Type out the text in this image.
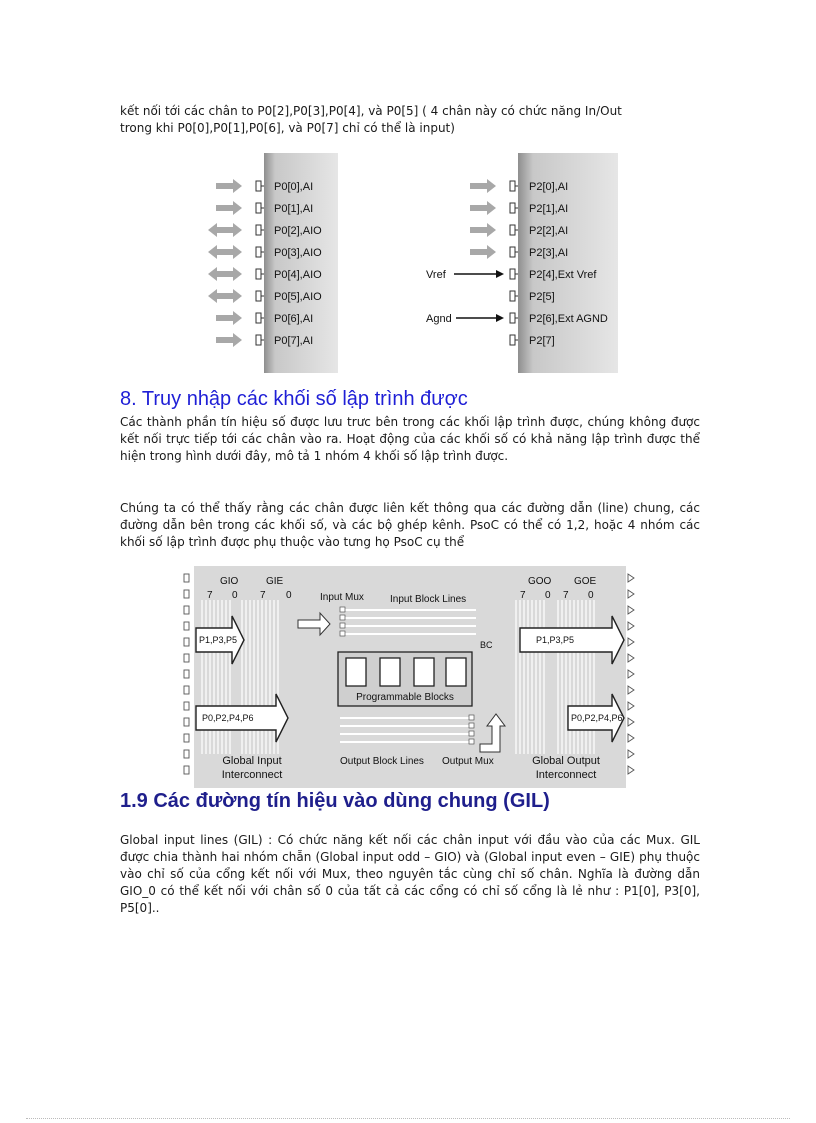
kết nối tới các chân to P0[2],P0[3],P0[4], và P0[5] ( 4 chân này có chức năng In/Out
trong khi P0[0],P0[1],P0[6], và P0[7] chỉ có thể là input)
P0[0],AI
P0[1],AI
P0[2],AIO
P0[3],AIO
P0[4],AIO
P0[5],AIO
P0[6],AI
P0[7],AI
P2[0],AI
P2[1],AI
P2[2],AI
P2[3],AI
Vref	P2[4],Ext Vref
P2[5]
Agnd	P2[6],Ext AGND
P2[7]
8. Truy nhập các khối số lập trình được
Các thành phần tín hiệu số được lưu trưc bên trong các khối lập trình được, chúng không được kết nối trực tiếp tới các chân vào ra. Hoạt động của các khối số có khả năng lập trình được thể hiện trong hình dưới đây, mô tả 1 nhóm 4 khối số lập trình được.
Chúng ta có thể thấy rằng các chân được liên kết thông qua các đường dẫn (line) chung, các đường dẫn bên trong các khối số, và các bộ ghép kênh. PsoC có thể có 1,2, hoặc 4 nhóm các khối số lập trình được phụ thuộc vào tưng họ PsoC cụ thể
GIO	GIE
7 0 7 0
GOO GOE
7 0 7 0
Input Mux	Input Block Lines
BC
Programmable Blocks
Output Block Lines Output Mux
P1,P3,P5
P0,P2,P4,P6
P1,P3,P5
P0,P2,P4,P6
Global Input
Interconnect
Global Output
Interconnect
1.9 Các đường tín hiệu vào dùng chung (GIL)
Global input lines (GIL) : Có chức năng kết nối các chân input với đầu vào của các Mux. GIL được chia thành hai nhóm chẵn (Global input odd – GIO) và (Global input even – GIE) phụ thuộc vào chỉ số của cổng kết nối với Mux, theo nguyên tắc cùng chỉ số chân. Nghĩa là đường dẫn GIO_0 có thể kết nối với chân số 0 của tất cả các cổng có chỉ số cổng là lẻ như : P1[0], P3[0], P5[0]..
